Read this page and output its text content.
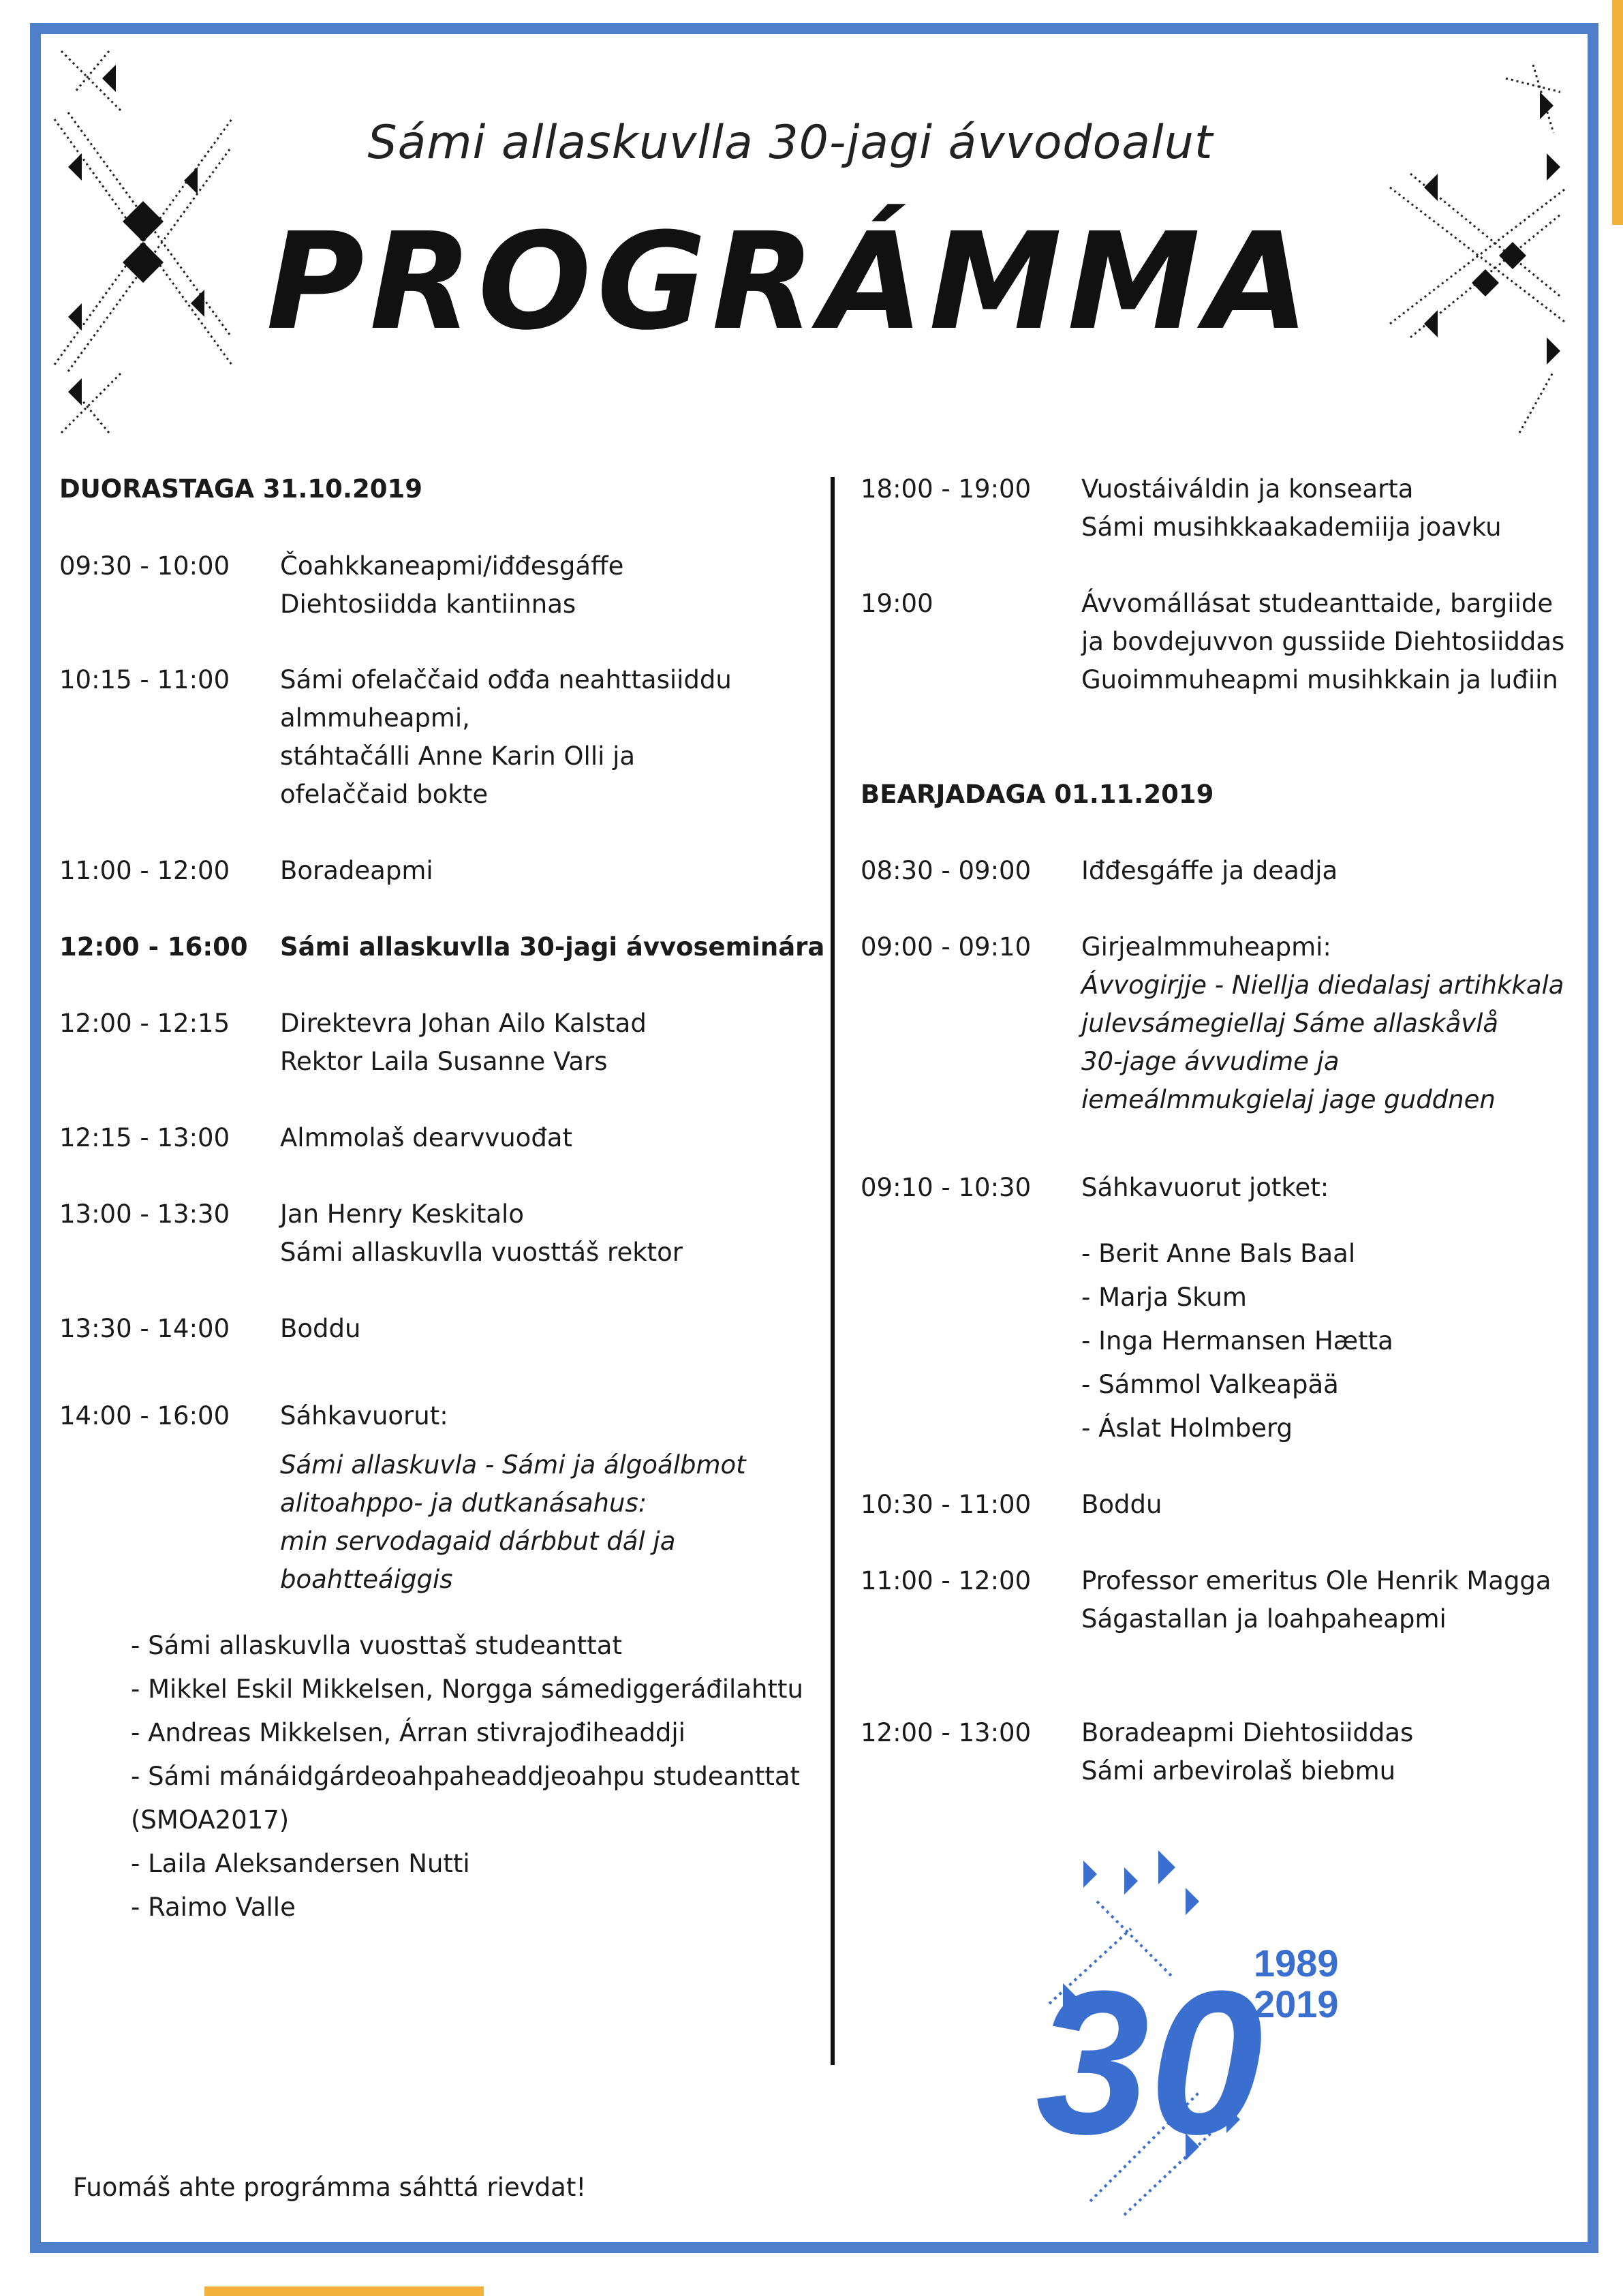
Sámi allaskuvlla 30-jagi ávvodoalut
PROGRÁMMA
DUORASTAGA 31.10.2019
09:30 - 10:00 Čoahkkaneapmi/iđđesgáffe
Diehtosiidda kantiinnas
10:15 - 11:00 Sámi ofelaččaid ođđa neahttasiiddu
almmuheapmi,
stáhtačálli Anne Karin Olli ja
ofelaččaid bokte
11:00 - 12:00 Boradeapmi
12:00 - 16:00 Sámi allaskuvlla 30-jagi ávvoseminára
12:00 - 12:15 Direktevra Johan Ailo Kalstad
Rektor Laila Susanne Vars
12:15 - 13:00 Almmolaš dearvvuođat
13:00 - 13:30 Jan Henry Keskitalo
Sámi allaskuvlla vuosttáš rektor
13:30 - 14:00 Boddu
14:00 - 16:00 Sáhkavuorut:
Sámi allaskuvla - Sámi ja álgoálbmot
alitoahppo- ja dutkanásahus:
min servodagaid dárbbut dál ja
boahtteáiggis
- Sámi allaskuvlla vuosttaš studeanttat
- Mikkel Eskil Mikkelsen, Norgga sámediggeráđilahttu
- Andreas Mikkelsen, Árran stivrajođiheaddji
- Sámi mánáidgárdeoahpaheaddjeoahpu studeanttat
(SMOA2017)
- Laila Aleksandersen Nutti
- Raimo Valle
Fuomáš ahte prográmma sáhttá rievdat!
18:00 - 19:00 Vuostáiváldin ja konsearta
Sámi musihkkaakademiija joavku
19:00	Ávvomállásat studeanttaide, bargiide
ja bovdejuvvon gussiide Diehtosiiddas
Guoimmuheapmi musihkkain ja luđiin
BEARJADAGA 01.11.2019
08:30 - 09:00 Iđđesgáffe ja deadja
09:00 - 09:10 Girjealmmuheapmi:
Ávvogirjje - Niellja diedalasj artihkkala
julevsámegiellaj Sáme allaskåvlå
30-jage ávvudime ja
iemeálmmukgielaj jage guddnen
09:10 - 10:30 Sáhkavuorut jotket:
- Berit Anne Bals Baal
- Marja Skum
- Inga Hermansen Hætta
- Sámmol Valkeapää
- Áslat Holmberg
10:30 - 11:00 Boddu
11:00 - 12:00 Professor emeritus Ole Henrik Magga
Ságastallan ja loahpaheapmi
12:00 - 13:00 Boradeapmi Diehtosiiddas
Sámi arbevirolaš biebmu
30
1989
2019
